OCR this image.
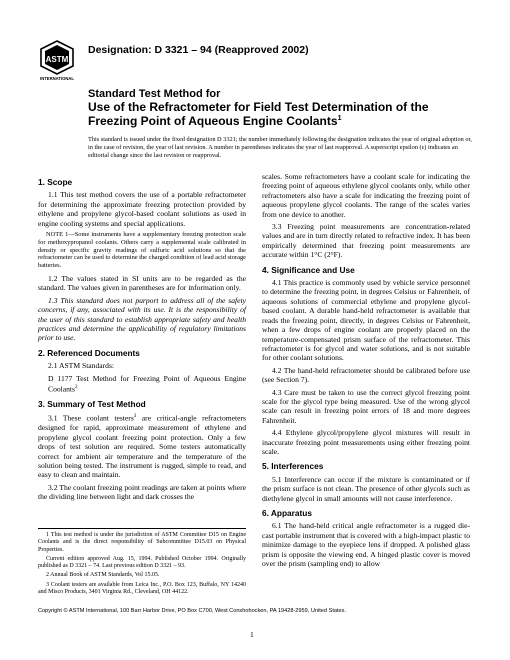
ASTM
INTERNATIONAL
Designation: D 3321 – 94 (Reapproved 2002)
Standard Test Method for
Use of the Refractometer for Field Test Determination of the
Freezing Point of Aqueous Engine Coolants$^1$
This standard is issued under the fixed designation D 3321; the number immediately following the designation indicates the year of original adoption or, in the case of revision, the year of last revision. A number in parentheses indicates the year of last reapproval. A superscript epsilon (ε) indicates an editorial change since the last revision or reapproval.
1. Scope

1.1 This test method covers the use of a portable refractometer for determining the approximate freezing protection provided by ethylene and propylene glycol-based coolant solutions as used in engine cooling systems and special applications.

NOTE 1—Some instruments have a supplementary freezing protection scale for methoxypropanol coolants. Others carry a supplemental scale calibrated in density or specific gravity readings of sulfuric acid solutions so that the refractometer can be used to determine the charged condition of lead acid storage batteries.

1.2 The values stated in SI units are to be regarded as the standard. The values given in parentheses are for information only.

1.3 This standard does not purport to address all of the safety concerns, if any, associated with its use. It is the responsibility of the user of this standard to establish appropriate safety and health practices and determine the applicability of regulatory limitations prior to use.

2. Referenced Documents

2.1 ASTM Standards:

D 1177 Test Method for Freezing Point of Aqueous Engine Coolants$^2$

3. Summary of Test Method

3.1 These coolant testers$^3$ are critical-angle refractometers designed for rapid, approximate measurement of ethylene and propylene glycol coolant freezing point protection. Only a few drops of test solution are required. Some testers automatically correct for ambient air temperature and the temperature of the solution being tested. The instrument is rugged, simple to read, and easy to clean and maintain.

3.2 The coolant freezing point readings are taken at points where the dividing line between light and dark crosses the

scales. Some refractometers have a coolant scale for indicating the freezing point of aqueous ethylene glycol coolants only, while other refractometers also have a scale for indicating the freezing point of aqueous propylene glycol coolants. The range of the scales varies from one device to another.

3.3 Freezing point measurements are concentration-related values and are in turn directly related to refractive index. It has been empirically determined that freezing point measurements are accurate within 1°C (2°F).

4. Significance and Use

4.1 This practice is commonly used by vehicle service personnel to determine the freezing point, in degrees Celsius or Fahrenheit, of aqueous solutions of commercial ethylene and propylene glycol-based coolant. A durable hand-held refractometer is available that reads the freezing point, directly, in degrees Celsius or Fahrenheit, when a few drops of engine coolant are properly placed on the temperature-compensated prism surface of the refractometer. This refractometer is for glycol and water solutions, and is not suitable for other coolant solutions.

4.2 The hand-held refractometer should be calibrated before use (see Section 7).

4.3 Care must be taken to use the correct glycol freezing point scale for the glycol type being measured. Use of the wrong glycol scale can result in freezing point errors of 18 and more degrees Fahrenheit.

4.4 Ethylene glycol/propylene glycol mixtures will result in inaccurate freezing point measurements using either freezing point scale.

5. Interferences

5.1 Interference can occur if the mixture is contaminated or if the prism surface is not clean. The presence of other glycols such as diethylene glycol in small amounts will not cause interference.

6. Apparatus

6.1 The hand-held critical angle refractometer is a rugged die-cast portable instrument that is covered with a high-impact plastic to minimize damage to the eyepiece lens if dropped. A polished glass prism is opposite the viewing end. A hinged plastic cover is moved over the prism (sampling end) to allow

1 This test method is under the jurisdiction of ASTM Committee D15 on Engine Coolants and is the direct responsibility of Subcommittee D15.03 on Physical Properties.
Current edition approved Aug. 15, 1994. Published October 1994. Originally published as D 3321 – 74. Last previous edition D 3321 – 93.
2 Annual Book of ASTM Standards, Vol 15.05.
3 Coolant testers are available from Leica Inc., P.O. Box 123, Buffalo, NY 14240 and Misco Products, 3401 Virginia Rd., Cleveland, OH 44122.
Copyright © ASTM International, 100 Barr Harbor Drive, PO Box C700, West Conshohocken, PA 19428-2959, United States.
1
